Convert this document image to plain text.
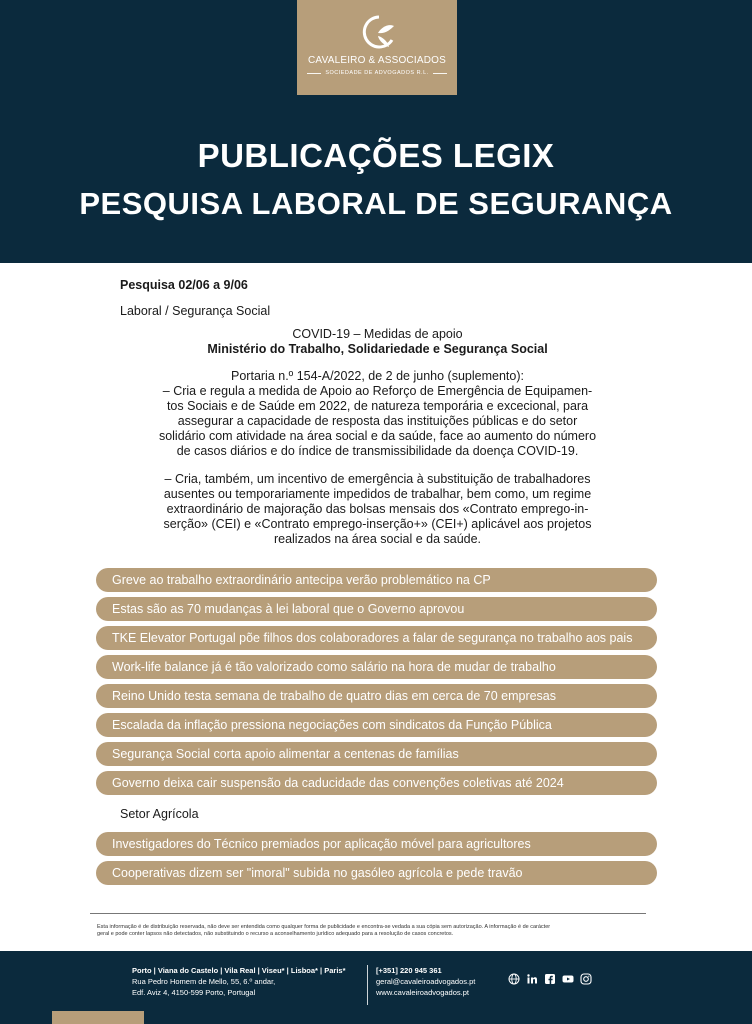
CAVALEIRO & ASSOCIADOS
SOCIEDADE DE ADVOGADOS R.L.
PUBLICAÇÕES LEGIX
PESQUISA LABORAL DE SEGURANÇA
Pesquisa 02/06 a 9/06
Laboral / Segurança Social
COVID-19 – Medidas de apoio
Ministério do Trabalho, Solidariedade e Segurança Social
Portaria n.º 154-A/2022, de 2 de junho (suplemento):
– Cria e regula a medida de Apoio ao Reforço de Emergência de Equipamen-
tos Sociais e de Saúde em 2022, de natureza temporária e excecional, para
assegurar a capacidade de resposta das instituições públicas e do setor
solidário com atividade na área social e da saúde, face ao aumento do número
de casos diários e do índice de transmissibilidade da doença COVID-19.
– Cria, também, um incentivo de emergência à substituição de trabalhadores
ausentes ou temporariamente impedidos de trabalhar, bem como, um regime
extraordinário de majoração das bolsas mensais dos «Contrato emprego-in-
serção» (CEI) e «Contrato emprego-inserção+» (CEI+) aplicável aos projetos
realizados na área social e da saúde.
Greve ao trabalho extraordinário antecipa verão problemático na CP
Estas são as 70 mudanças à lei laboral que o Governo aprovou
TKE Elevator Portugal põe filhos dos colaboradores a falar de segurança no trabalho aos pais
Work-life balance já é tão valorizado como salário na hora de mudar de trabalho
Reino Unido testa semana de trabalho de quatro dias em cerca de 70 empresas
Escalada da inflação pressiona negociações com sindicatos da Função Pública
Segurança Social corta apoio alimentar a centenas de famílias
Governo deixa cair suspensão da caducidade das convenções coletivas até 2024
Setor Agrícola
Investigadores do Técnico premiados por aplicação móvel para agricultores
Cooperativas dizem ser "imoral" subida no gasóleo agrícola e pede travão
Esta informação é de distribuição reservada, não deve ser entendida como qualquer forma de publicidade e encontra-se vedada a sua cópia sem autorização. A informação é de carácter
geral e pode conter lapsos não detectados, não substituindo o recurso a aconselhamento jurídico adequado para a resolução de casos concretos.
Porto | Viana do Castelo | Vila Real | Viseu* | Lisboa* | Paris*
Rua Pedro Homem de Mello, 55, 6.º andar,
Edf. Aviz 4, 4150-599 Porto, Portugal
[+351] 220 945 361
geral@cavaleiroadvogados.pt
www.cavaleiroadvogados.pt
